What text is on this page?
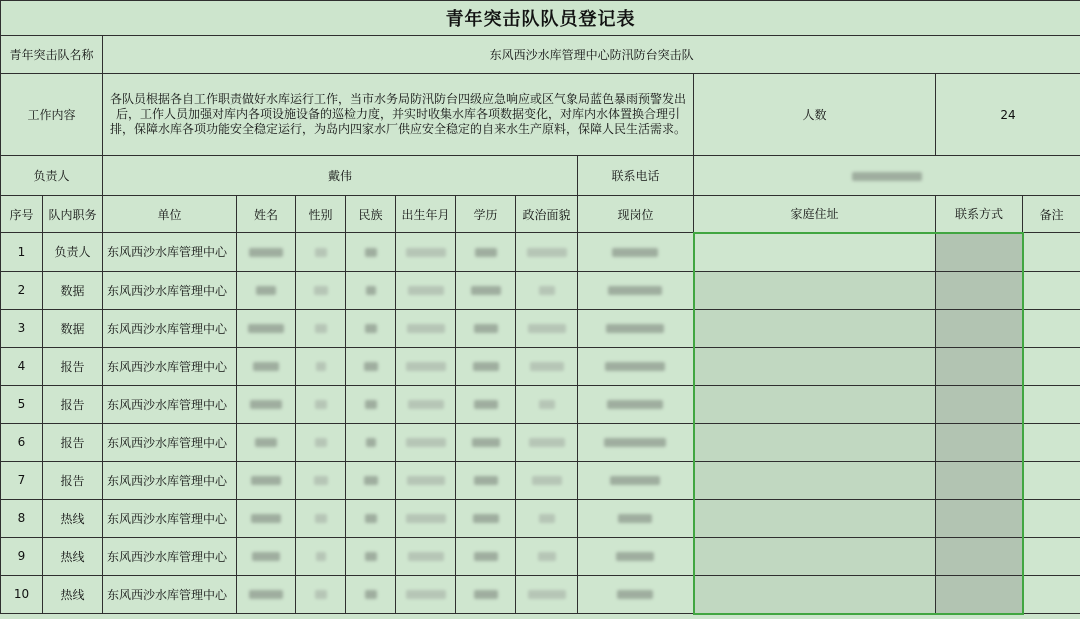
青年突击队队员登记表												
青年突击队名称		东风西沙水库管理中心防汛防台突击队										
工作内容		各队员根据各自工作职责做好水库运行工作，当市水务局防汛防台四级应急响应或区气象局蓝色暴雨预警发出后，工作人员加强对库内各项设施设备的巡检力度，并实时收集水库各项数据变化，对库内水体置换合理引排，保障水库各项功能安全稳定运行，为岛内四家水厂供应安全稳定的自来水生产原料，保障人民生活需求。								人数	24	
负责人		戴伟							联系电话			
序号	队内职务	单位	姓名	性别	民族	出生年月	学历	政治面貌	现岗位	家庭住址	联系方式	备注
1	负责人	东风西沙水库管理中心										
2	数据	东风西沙水库管理中心										
3	数据	东风西沙水库管理中心										
4	报告	东风西沙水库管理中心										
5	报告	东风西沙水库管理中心										
6	报告	东风西沙水库管理中心										
7	报告	东风西沙水库管理中心										
8	热线	东风西沙水库管理中心										
9	热线	东风西沙水库管理中心										
10	热线	东风西沙水库管理中心										
